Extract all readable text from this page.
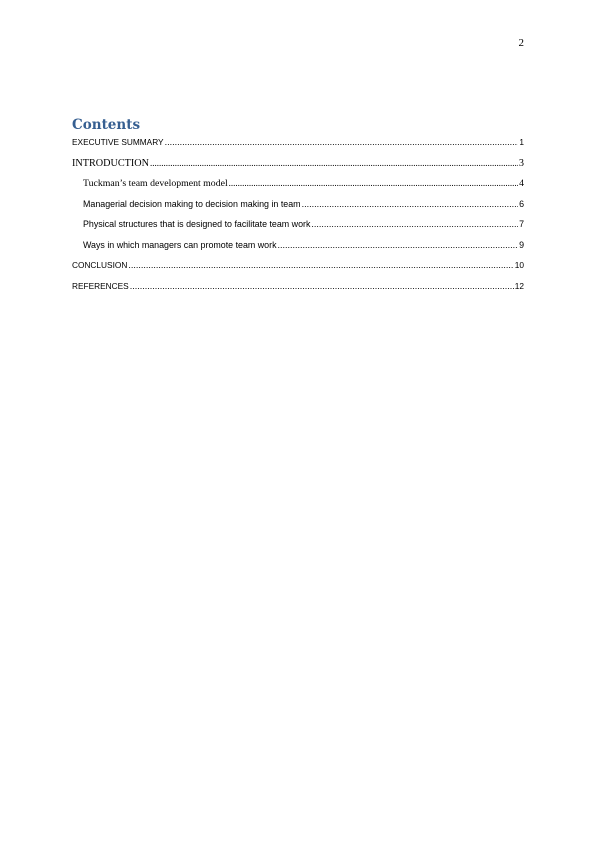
2
Contents
EXECUTIVE SUMMARY .....	1
INTRODUCTION .....	3
Tuckman’s team development model .....	4
Managerial decision making to decision making in team .....	6
Physical structures that is designed to facilitate team work .....	7
Ways in which managers can promote team work .....	9
CONCLUSION .....	10
REFERENCES .....	12
